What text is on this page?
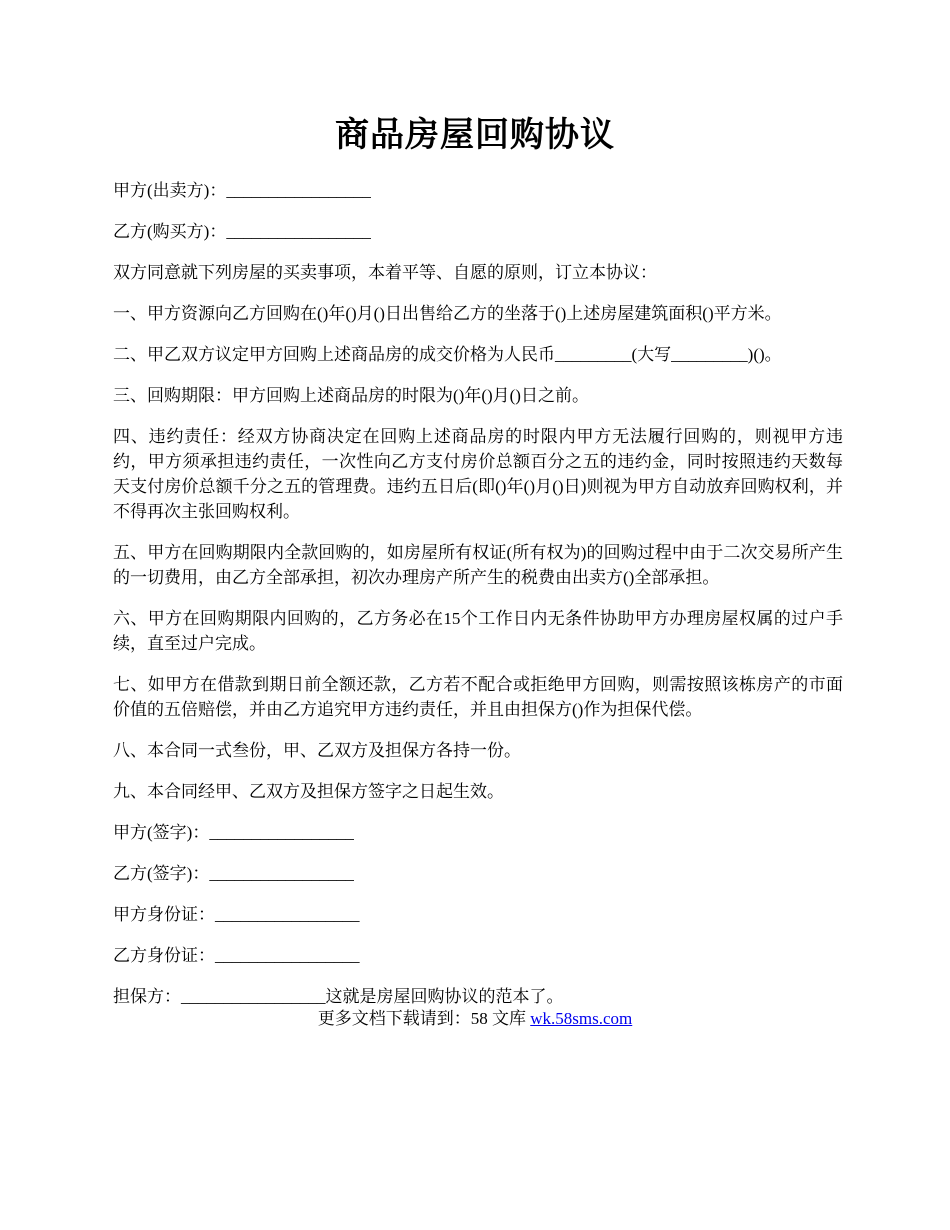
商品房屋回购协议

甲方(出卖方)：_________________

乙方(购买方)：_________________

双方同意就下列房屋的买卖事项，本着平等、自愿的原则，订立本协议：

一、甲方资源向乙方回购在()年()月()日出售给乙方的坐落于()上述房屋建筑面积()平方米。

二、甲乙双方议定甲方回购上述商品房的成交价格为人民币_________(大写_________)()。

三、回购期限：甲方回购上述商品房的时限为()年()月()日之前。

四、违约责任：经双方协商决定在回购上述商品房的时限内甲方无法履行回购的，则视甲方违约，甲方须承担违约责任，一次性向乙方支付房价总额百分之五的违约金，同时按照违约天数每天支付房价总额千分之五的管理费。违约五日后(即()年()月()日)则视为甲方自动放弃回购权利，并不得再次主张回购权利。

五、甲方在回购期限内全款回购的，如房屋所有权证(所有权为)的回购过程中由于二次交易所产生的一切费用，由乙方全部承担，初次办理房产所产生的税费由出卖方()全部承担。

六、甲方在回购期限内回购的，乙方务必在15个工作日内无条件协助甲方办理房屋权属的过户手续，直至过户完成。

七、如甲方在借款到期日前全额还款，乙方若不配合或拒绝甲方回购，则需按照该栋房产的市面价值的五倍赔偿，并由乙方追究甲方违约责任，并且由担保方()作为担保代偿。

八、本合同一式叁份，甲、乙双方及担保方各持一份。

九、本合同经甲、乙双方及担保方签字之日起生效。

甲方(签字)：_________________

乙方(签字)：_________________

甲方身份证：_________________

乙方身份证：_________________

担保方：_________________这就是房屋回购协议的范本了。

更多文档下载请到：58 文库 wk.58sms.com
